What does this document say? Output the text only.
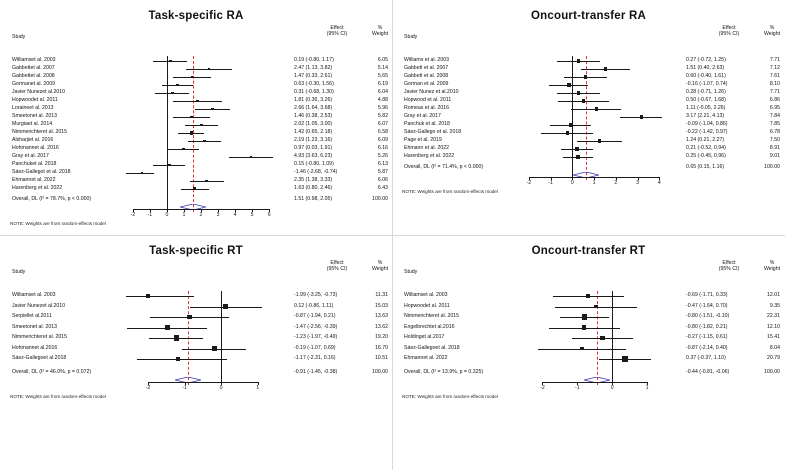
Task-specific RA
Study
Effect
(95% CI)
%
Weight
Williamset al. 2003	0.19 (-0.80, 1.17)	6.05
Gabbettet al. 2007	2.47 (1.13, 3.82)	5.14
Gabbettet al. 2008	1.47 (0.33, 2.61)	5.65
Gormanet al. 2009	0.63 (-0.30, 1.56)	6.19
Javier Nunezet al.2010	0.31 (-0.68, 1.30)	6.04
Hopwoodet al. 2011	1.81 (0.36, 3.26)	4.88
Loraineet al. 2013	2.66 (1.64, 3.68)	5.96
Smeetonet al. 2013	1.46 (0.38, 2.53)	5.82
Murgiaet al. 2014	2.02 (1.05, 3.00)	6.07
Nimmerichteret al. 2015	1.42 (0.65, 2.18)	6.58
Alsharjiet al. 2016	2.19 (1.23, 3.16)	6.09
Hohmannet al. 2016	0.97 (0.03, 1.91)	6.16
Gray et al. 2017	4.93 (3.63, 6.23)	5.26
Panchuket al. 2018	0.15 (-0.80, 1.09)	6.13
Sáez-Gallegot et al. 2018	-1.46 (-2.68, -0.74)	5.87
Ehmannet al. 2022	2.35 (1.38, 3.33)	6.06
Harenberg et al. 2022	1.63 (0.80, 2.46)	6.43
Overall, DL (I² = 78.7%, p < 0.000)	1.51 (0.98, 2.05)	100.00
-2 -1	0	1	2	3	4	5	6
NOTE: Weights are from random-effects model
Oncourt-transfer RA
Study
Effect
(95% CI)
%
Weight
Williams et al. 2003	0.27 (-0.72, 1.25)	7.71
Gabbett et al. 2007	1.51 (0.40, 2.63)	7.12
Gabbett et al. 2008	0.60 (-0.40, 1.61)	7.61
Gorman et al. 2009	-0.16 (-1.07, 0.74)	8.10
Javier Nunez et al.2010	0.28 (-0.71, 1.26)	7.71
Hopwood et al. 2011	0.50 (-0.67, 1.68)	6.86
Romeas et al. 2016	1.11 (-0.05, 2.26)	6.95
Gray et al. 2017	3.17 (2.21, 4.13)	7.84
Panchuk et al. 2018	-0.09 (-1.04, 0.86)	7.85
Sáez-Gallego et al. 2018	-0.22 (-1.42, 0.97)	6.78
Page et al. 2019	1.24 (0.21, 2.27)	7.50
Ehmann et al. 2022	0.21 (-0.52, 0.94)	8.91
Harenberg et al. 2022	0.25 (-0.45, 0.96)	9.01
Overall, DL (I² = 71.4%, p < 0.000)	0.65 (0.15, 1.16)	100.00
-2	-1	0	1	2	3	4
NOTE: Weights are from random-effects model
Task-specific RT
Study
Effect
(95% CI)
%
Weight
Williamset al. 2003	-1.99 (-3.25, -0.73)	11.31
Javier Nunezet al.2010	0.12 (-0.86, 1.11)	15.03
Serpiellet al.2011	-0.87 (-1.94, 0.21)	13.63
Smeetonet al. 2013	-1.47 (-2.56, -0.39)	13.62
Nimmerichteret al. 2015	-1.23 (-1.97, -0.49)	19.20
Hohmannet al.2016	-0.19 (-1.07, 0.69)	16.70
Sáez-Gallegoet al.2018	-1.17 (-2.31, 0.16)	10.51
Overall, DL (I² = 46.0%, p = 0.072)	-0.91 (-1.45, -0.38)	100.00
-2	-1	0	1
NOTE: Weights are from random-effects model
Oncourt-transfer RT
Study
Effect
(95% CI)
%
Weight
Williamset al. 2003	-0.69 (-1.71, 0.33)	12.01
Hopwoodet al. 2011	-0.47 (-1.64, 0.70)	9.35
Nimmerichteret al. 2015	-0.80 (-1.51, -0.10)	22.31
Engelbrechtet al.2016	-0.80 (-1.82, 0.21)	12.10
Holdinget al.2017	-0.27 (-1.15, 0.61)	15.41
Sáez-Gallegoet al. 2018	-0.87 (-2.14, 0.40)	8.04
Ehmannet al. 2022	0.37 (-0.37, 1.10)	20.79
Overall, DL (I² = 13.9%, p = 0.325)	-0.44 (-0.81, -0.06)	100.00
-2	-1	0	1
NOTE: Weights are from random-effects model
